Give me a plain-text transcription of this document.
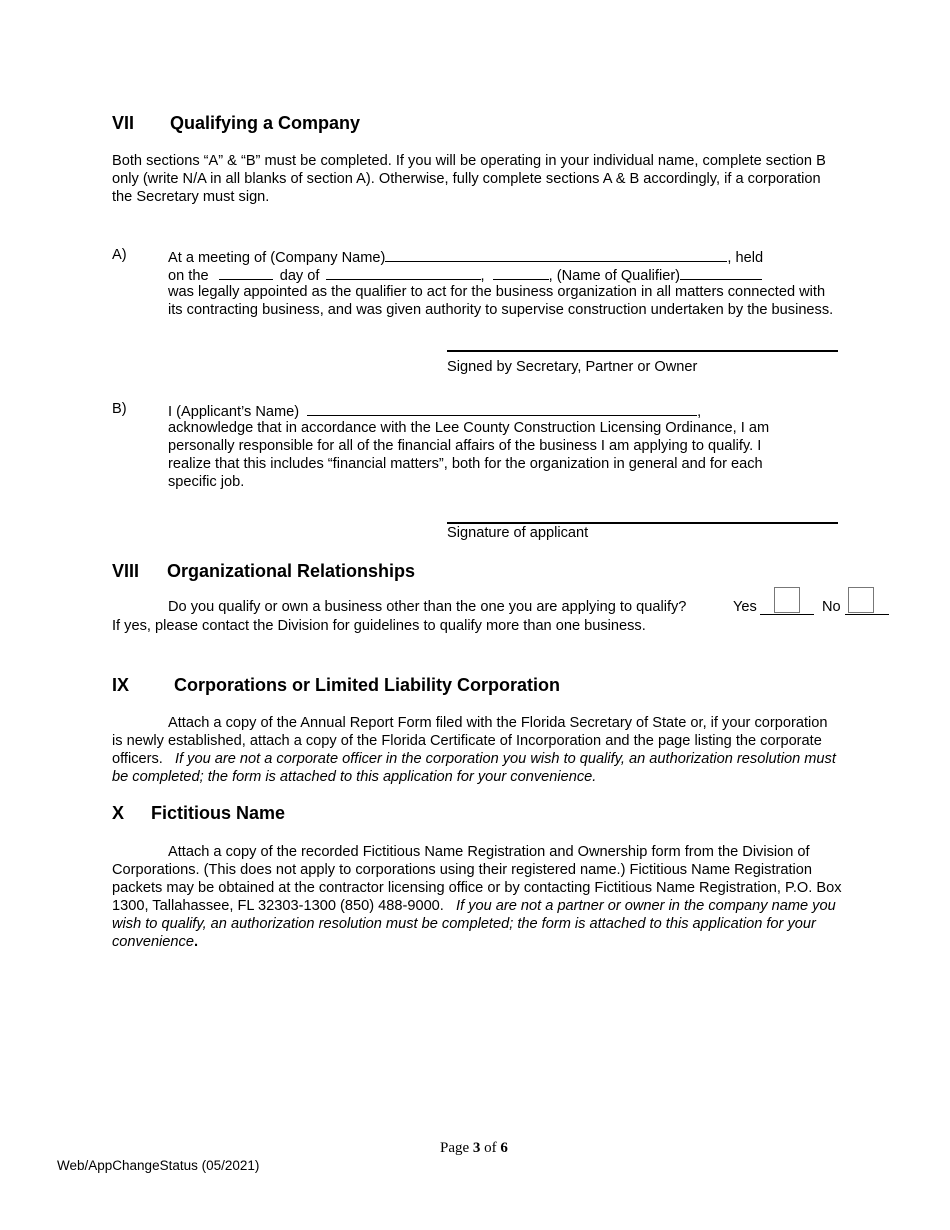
VII Qualifying a Company
Both sections “A” & “B” must be completed. If you will be operating in your individual name, complete section B only (write N/A in all blanks of section A). Otherwise, fully complete sections A & B accordingly, if a corporation the Secretary must sign.
A)	At a meeting of (Company Name)	, held
on the	day of	,	, (Name of Qualifier)
was legally appointed as the qualifier to act for the business organization in all matters connected with its contracting business, and was given authority to supervise construction undertaken by the business.
Signed by Secretary, Partner or Owner
B)	I (Applicant’s Name)	,
acknowledge that in accordance with the Lee County Construction Licensing Ordinance, I am personally responsible for all of the financial affairs of the business I am applying to qualify. I realize that this includes “financial matters”, both for the organization in general and for each specific job.
Signature of applicant
VIII Organizational Relationships
Do you qualify or own a business other than the one you are applying to qualify?	Yes	No
If yes, please contact the Division for guidelines to qualify more than one business.
IX Corporations or Limited Liability Corporation
Attach a copy of the Annual Report Form filed with the Florida Secretary of State or, if your corporation is newly established, attach a copy of the Florida Certificate of Incorporation and the page listing the corporate officers. If you are not a corporate officer in the corporation you wish to qualify, an authorization resolution must be completed; the form is attached to this application for your convenience.
X Fictitious Name
Attach a copy of the recorded Fictitious Name Registration and Ownership form from the Division of Corporations. (This does not apply to corporations using their registered name.) Fictitious Name Registration packets may be obtained at the contractor licensing office or by contacting Fictitious Name Registration, P.O. Box 1300, Tallahassee, FL 32303-1300 (850) 488-9000. If you are not a partner or owner in the company name you wish to qualify, an authorization resolution must be completed; the form is attached to this application for your convenience.
Page 3 of 6
Web/AppChangeStatus (05/2021)
